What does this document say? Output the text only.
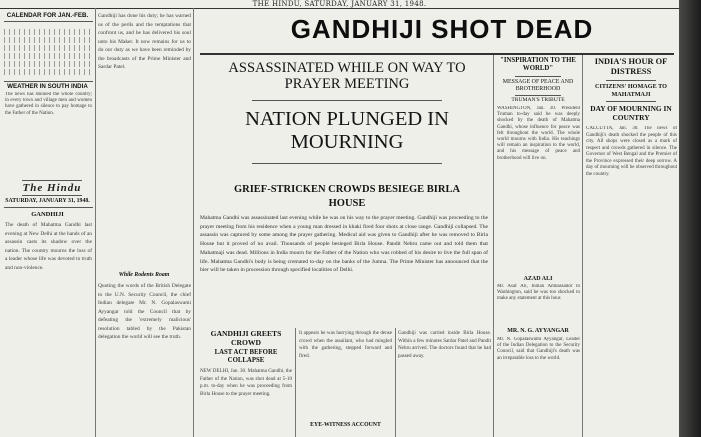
THE HINDU, SATURDAY, JANUARY 31, 1948.
CALENDAR FOR JAN.-FEB.
WEATHER IN SOUTH INDIA
The news has stunned the whole country; in every town and village men and women have gathered in silence to pay homage to the Father of the Nation.
The Hindu
SATURDAY, JANUARY 31, 1948.
GANDHIJI
The death of Mahatma Gandhi last evening at New Delhi at the hands of an assassin casts its shadow over the nation. The country mourns the loss of a leader whose life was devoted to truth and non-violence.
Gandhiji has done his duty; he has warned us of the perils and the temptations that confront us, and he has delivered his soul unto his Maker. It now remains for us to do our duty as we have been reminded by the broadcasts of the Prime Minister and Sardar Patel.
While Rodents Roam
Quoting the words of the British Delegate to the U.N. Security Council, the chief Indian delegate Mr. N. Gopalaswami Ayyangar told the Council that by defeating the 'extremely malicious' resolution tabled by the Pakistan delegation the world will see the truth.
GANDHIJI SHOT DEAD
ASSASSINATED WHILE ON WAY TO PRAYER MEETING
NATION PLUNGED IN MOURNING
GRIEF-STRICKEN CROWDS BESIEGE BIRLA HOUSE
Mahatma Gandhi was assassinated last evening while he was on his way to the prayer meeting. Gandhiji was proceeding to the prayer meeting from his residence when a young man dressed in khaki fired four shots at close range. Gandhiji collapsed. The assassin was captured by some among the prayer gathering. Medical aid was given to Gandhiji after he was removed to Birla House but it proved of no avail. Thousands of people besieged Birla House. Pandit Nehru came out and told them that Mahatmaji was dead. Millions in India mourn for the Father of the Nation who was robbed of his desire to live the full span of life. Mahatma Gandhi's body is being cremated to-day on the banks of the Jumna. The Prime Minister has announced that the bier will be taken in procession through specified localities of Delhi.
GANDHIJI GREETS CROWD
LAST ACT BEFORE COLLAPSE
NEW DELHI, Jan. 30. Mahatma Gandhi, the Father of the Nation, was shot dead at 5-10 p.m. to-day when he was proceeding from Birla House to the prayer meeting.
It appears he was hurrying through the dense crowd when the assailant, who had mingled with the gathering, stepped forward and fired.
EYE-WITNESS ACCOUNT
Gandhiji was carried inside Birla House. Within a few minutes Sardar Patel and Pandit Nehru arrived. The doctors found that he had passed away.
"INSPIRATION TO THE WORLD"
MESSAGE OF PEACE AND BROTHERHOOD
TRUMAN'S TRIBUTE
WASHINGTON, Jan. 30. President Truman to-day said he was deeply shocked by the death of Mahatma Gandhi, whose influence for peace was felt throughout the world. The whole world mourns with India. His teachings will remain an inspiration to the world, and his message of peace and brotherhood will live on.
AZAD ALI
Mr. Asaf Ali, Indian Ambassador to Washington, said he was too shocked to make any statement at this hour.
MR. N. G. AYYANGAR
Mr. N. Gopalaswami Ayyangar, Leader of the Indian Delegation to the Security Council, said that Gandhiji's death was an irreparable loss to the world.
INDIA'S HOUR OF DISTRESS
CITIZENS' HOMAGE TO MAHATMAJI
DAY OF MOURNING IN COUNTRY
CALCUTTA, Jan. 30. The news of Gandhiji's death shocked the people of this city. All shops were closed as a mark of respect and crowds gathered in silence. The Governor of West Bengal and the Premier of the Province expressed their deep sorrow. A day of mourning will be observed throughout the country.
